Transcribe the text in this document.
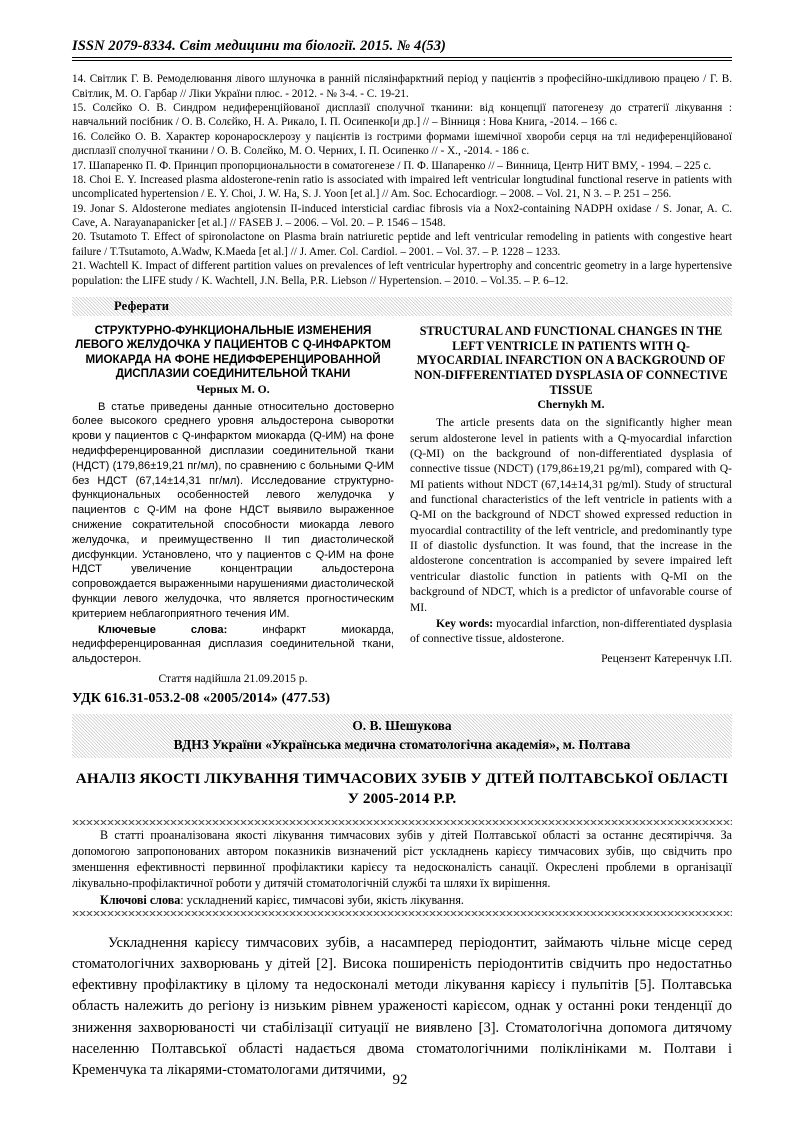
ISSN 2079-8334. Світ медицини та біології. 2015. № 4(53)

14. Світлик Г. В. Ремоделювання лівого шлуночка в ранній післяінфарктний період у пацієнтів з професійно-шкідливою працею / Г. В. Світлик, М. О. Гарбар // Ліки України плюс. - 2012. - № 3-4. - С. 19-21.

15. Солєйко О. В. Синдром недиференційованої дисплазії сполучної тканини: від концепції патогенезу до стратегії лікування : навчальний посібник / О. В. Солєйко, Н. А. Рикало, І. П. Осипенко[и др.] // – Вінниця : Нова Книга, -2014. – 166 с.

16. Солєйко О. В. Характер коронаросклерозу у пацієнтів із гострими формами ішемічної хвороби серця на тлі недиференційованої дисплазії сполучної тканини / О. В. Солєйко, М. О. Черних, І. П. Осипенко // - Х., -2014. - 186 с.

17. Шапаренко П. Ф. Принцип пропорциональности в соматогенезе / П. Ф. Шапаренко // – Винница, Центр НИТ ВМУ, - 1994. – 225 с.

18. Choi E. Y. Increased plasma aldosterone-renin ratio is associated with impaired left ventricular longtudinal functional reserve in patients with uncomplicated hypertension / E. Y. Choi, J. W. Ha, S. J. Yoon [et al.] // Am. Soc. Echocardiogr. – 2008. – Vol. 21, N 3. – P. 251 – 256.

19. Jonar S. Aldosterone mediates angiotensin II-induced intersticial cardiac fibrosis via a Nox2-containing NADPH oxidase / S. Jonar, A. C. Cave, A. Narayanapanicker [et al.] // FASEB J. – 2006. – Vol. 20. – P. 1546 – 1548.

20. Tsutamoto T. Effect of spironolactone on Plasma brain natriuretic peptide and left ventricular remodeling in patients with congestive heart failure / T.Tsutamoto, A.Wadw, K.Maeda [et al.] // J. Amer. Col. Cardiol. – 2001. – Vol. 37. – P. 1228 – 1233.

21. Wachtell K. Impact of different partition values on prevalences of left ventricular hypertrophy and concentric geometry in a large hypertensive population: the LIFE study / K. Wachtell, J.N. Bella, P.R. Liebson // Hypertension. – 2010. – Vol.35. – P. 6–12.

Реферати
СТРУКТУРНО-ФУНКЦИОНАЛЬНЫЕ ИЗМЕНЕНИЯ ЛЕВОГО ЖЕЛУДОЧКА У ПАЦИЕНТОВ С Q-ИНФАРКТОМ МИОКАРДА НА ФОНЕ НЕДИФФЕРЕНЦИРОВАННОЙ ДИСПЛАЗИИ СОЕДИНИТЕЛЬНОЙ ТКАНИ
Черных М. О.
В статье приведены данные относительно достоверно более высокого среднего уровня альдостерона сыворотки крови у пациентов с Q-инфарктом миокарда (Q-ИМ) на фоне недифференцированной дисплазии соединительной ткани (НДСТ) (179,86±19,21 пг/мл), по сравнению с больными Q-ИМ без НДСТ (67,14±14,31 пг/мл). Исследование структурно-функциональных особенностей левого желудочка у пациентов с Q-ИМ на фоне НДСТ выявило выраженное снижение сократительной способности миокарда левого желудочка, и преимущественно II тип диастолической дисфункции. Установлено, что у пациентов с Q-ИМ на фоне НДСТ увеличение концентрации альдостерона сопровождается выраженными нарушениями диастолической функции левого желудочка, что является прогностическим критерием неблагоприятного течения ИМ.
Ключевые слова: инфаркт миокарда, недифференцированная дисплазия соединительной ткани, альдостерон.
Стаття надійшла 21.09.2015 р.
STRUCTURAL AND FUNCTIONAL CHANGES IN THE LEFT VENTRICLE IN PATIENTS WITH Q-MYOCARDIAL INFARCTION ON A BACKGROUND OF NON-DIFFERENTIATED DYSPLASIA OF CONNECTIVE TISSUE
Chernykh M.
The article presents data on the significantly higher mean serum aldosterone level in patients with a Q-myocardial infarction (Q-MI) on the background of non-differentiated dysplasia of connective tissue (NDCT) (179,86±19,21 pg/ml), compared with Q-MI patients without NDCT (67,14±14,31 pg/ml). Study of structural and functional characteristics of the left ventricle in patients with a Q-MI on the background of NDCT showed expressed reduction in myocardial contractility of the left ventricle, and predominantly type II of diastolic dysfunction. It was found, that the increase in the aldosterone concentration is accompanied by severe impaired left ventricular diastolic function in patients with Q-MI on the background of NDCT, which is a predictor of unfavorable course of MI.
Key words: myocardial infarction, non-differentiated dysplasia of connective tissue, aldosterone.
Рецензент Катеренчук І.П.
УДК 616.31-053.2-08 «2005/2014» (477.53)
О. В. Шешукова
ВДНЗ України «Українська медична стоматологічна академія», м. Полтава
АНАЛІЗ ЯКОСТІ ЛІКУВАННЯ ТИМЧАСОВИХ ЗУБІВ У ДІТЕЙ ПОЛТАВСЬКОЇ ОБЛАСТІ У 2005-2014 Р.Р.
В статті проаналізована якості лікування тимчасових зубів у дітей Полтавської області за останнє десятиріччя. За допомогою запропонованих автором показників визначений ріст ускладнень карієсу тимчасових зубів, що свідчить про зменшення ефективності первинної профілактики карієсу та недосконалість санації. Окреслені проблеми в організації лікувально-профілактичної роботи у дитячій стоматологічній службі та шляхи їх вирішення.
Ключові слова: ускладнений карієс, тимчасові зуби, якість лікування.
Ускладнення карієсу тимчасових зубів, а насамперед періодонтит, займають чільне місце серед стоматологічних захворювань у дітей [2]. Висока поширеність періодонтитів свідчить про недостатньо ефективну профілактику в цілому та недосконалі методи лікування карієсу і пульпітів [5]. Полтавська область належить до регіону із низьким рівнем ураженості карієсом, однак у останні роки тенденції до зниження захворюваності чи стабілізації ситуації не виявлено [3]. Стоматологічна допомога дитячому населенню Полтавської області надається двома стоматологічними поліклініками м. Полтави і Кременчука та лікарями-стоматологами дитячими,
92
